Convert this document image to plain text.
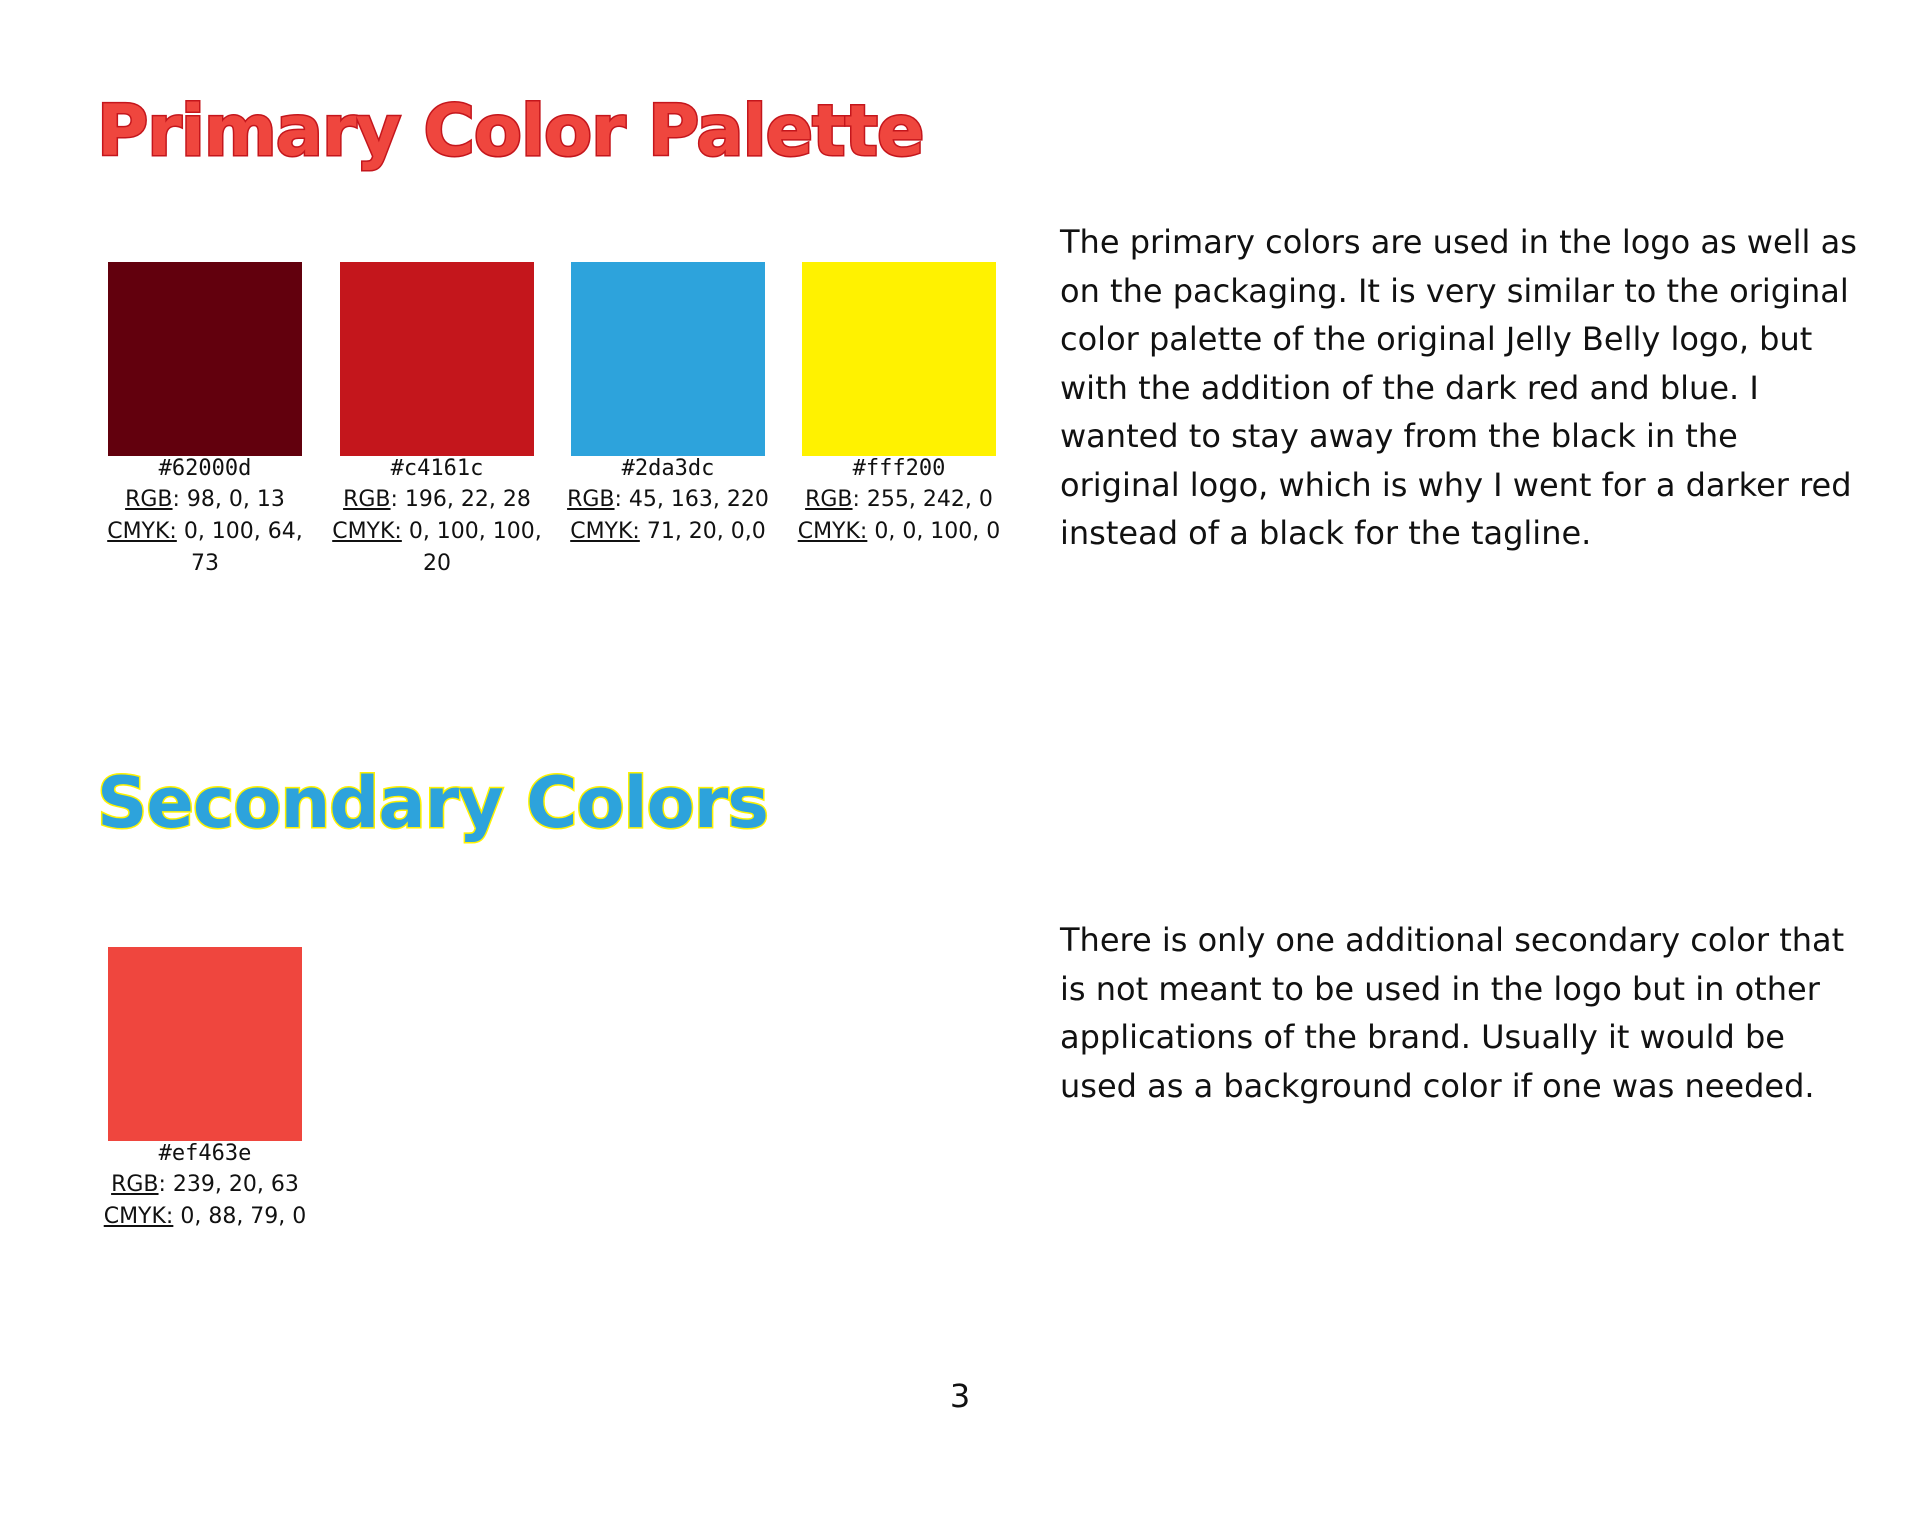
Primary Color Palette
#62000d
RGB: 98, 0, 13
CMYK: 0, 100, 64, 73
#c4161c
RGB: 196, 22, 28
CMYK: 0, 100, 100, 20
#2da3dc
RGB: 45, 163, 220
CMYK: 71, 20, 0,0
#fff200
RGB: 255, 242, 0
CMYK: 0, 0, 100, 0

The primary colors are used in the logo as well as on the packaging. It is very similar to the original color palette of the original Jelly Belly logo, but with the addition of the dark red and blue. I wanted to stay away from the black in the original logo, which is why I went for a darker red instead of a black for the tagline.

Secondary Colors
#ef463e
RGB: 239, 20, 63
CMYK: 0, 88, 79, 0

There is only one additional secondary color that is not meant to be used in the logo but in other applications of the brand. Usually it would be used as a background color if one was needed.

3
